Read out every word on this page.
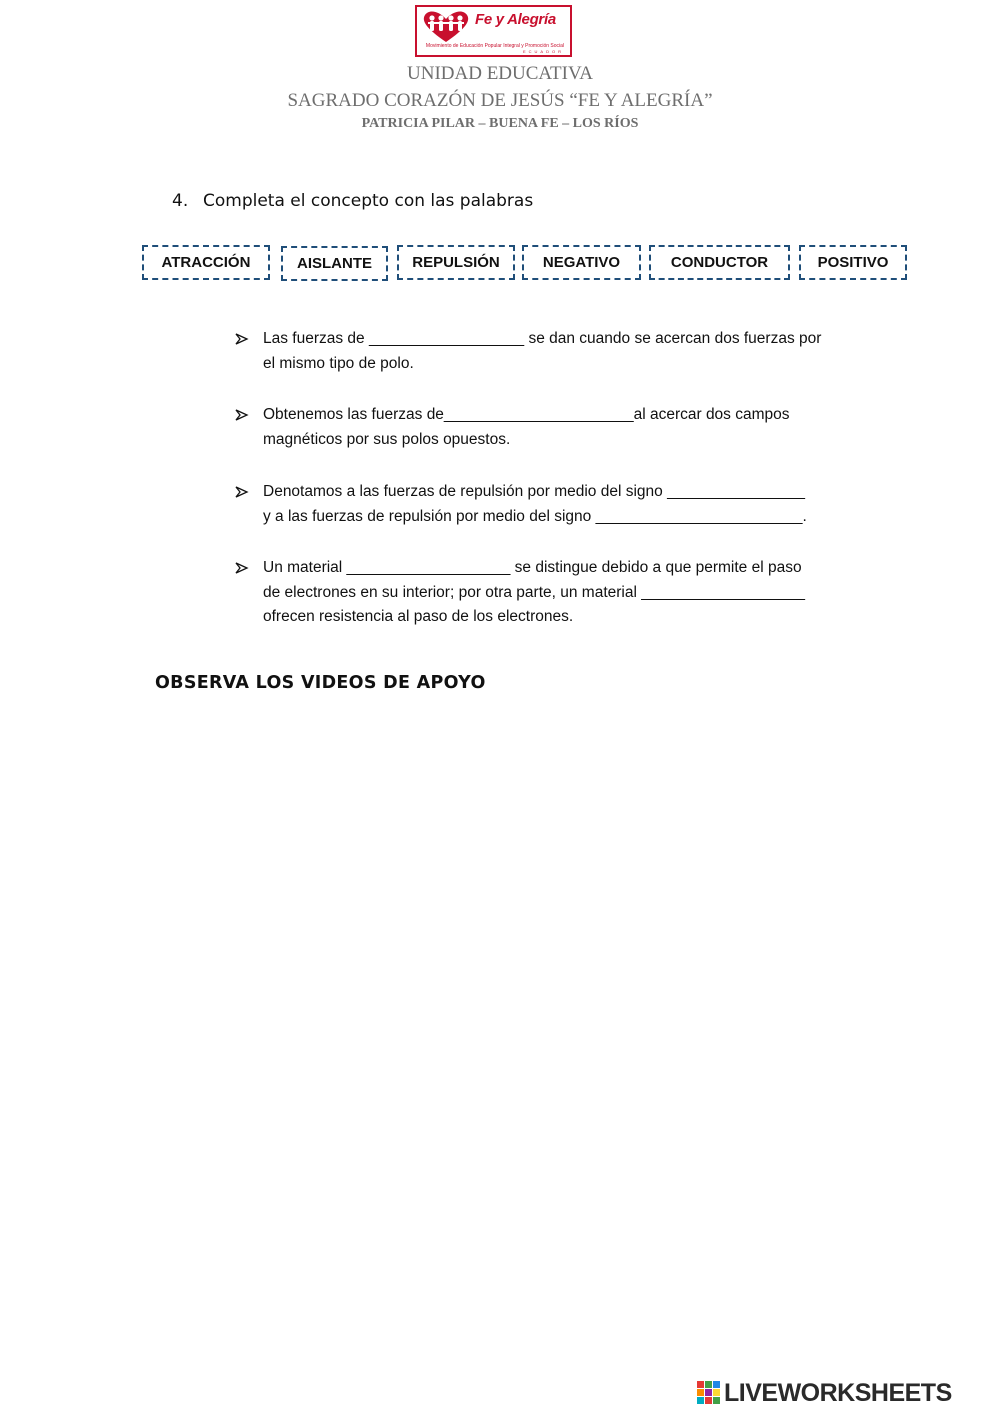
Fe y Alegría
Movimiento de Educación Popular Integral y Promoción Social
ECUADOR
UNIDAD EDUCATIVA
SAGRADO CORAZÓN DE JESÚS “FE Y ALEGRÍA”
PATRICIA PILAR – BUENA FE – LOS RÍOS
4. Completa el concepto con las palabras
ATRACCIÓN	AISLANTE	REPULSIÓN	NEGATIVO	CONDUCTOR	POSITIVO
Las fuerzas de __________________ se dan cuando se acercan dos fuerzas por
el mismo tipo de polo.
Obtenemos las fuerzas de______________________al acercar dos campos
magnéticos por sus polos opuestos.
Denotamos a las fuerzas de repulsión por medio del signo ________________
y a las fuerzas de repulsión por medio del signo ________________________.
Un material ___________________ se distingue debido a que permite el paso
de electrones en su interior; por otra parte, un material ___________________
ofrecen resistencia al paso de los electrones.
OBSERVA LOS VIDEOS DE APOYO
LIVEWORKSHEETS
